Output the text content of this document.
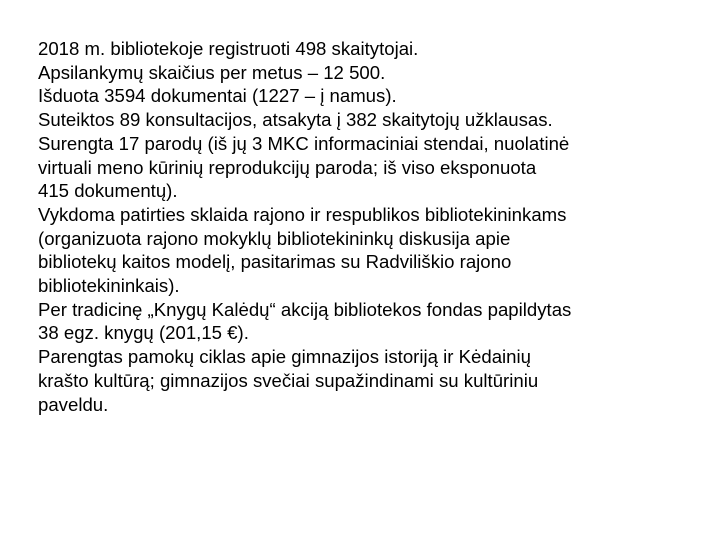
2018 m. bibliotekoje registruoti 498 skaitytojai.

Apsilankymų skaičius per metus – 12 500.

Išduota 3594 dokumentai (1227 – į namus).

Suteiktos 89 konsultacijos, atsakyta į 382 skaitytojų užklausas.

Surengta 17 parodų (iš jų 3 MKC informaciniai stendai, nuolatinė
virtuali meno kūrinių reprodukcijų paroda; iš viso eksponuota
415 dokumentų).

Vykdoma patirties sklaida rajono ir respublikos bibliotekininkams
(organizuota rajono mokyklų bibliotekininkų diskusija apie
bibliotekų kaitos modelį, pasitarimas su Radviliškio rajono
bibliotekininkais).

Per tradicinę „Knygų Kalėdų“ akciją bibliotekos fondas papildytas
38 egz. knygų (201,15 €).

Parengtas pamokų ciklas apie gimnazijos istoriją ir Kėdainių
krašto kultūrą; gimnazijos svečiai supažindinami su kultūriniu
paveldu.
